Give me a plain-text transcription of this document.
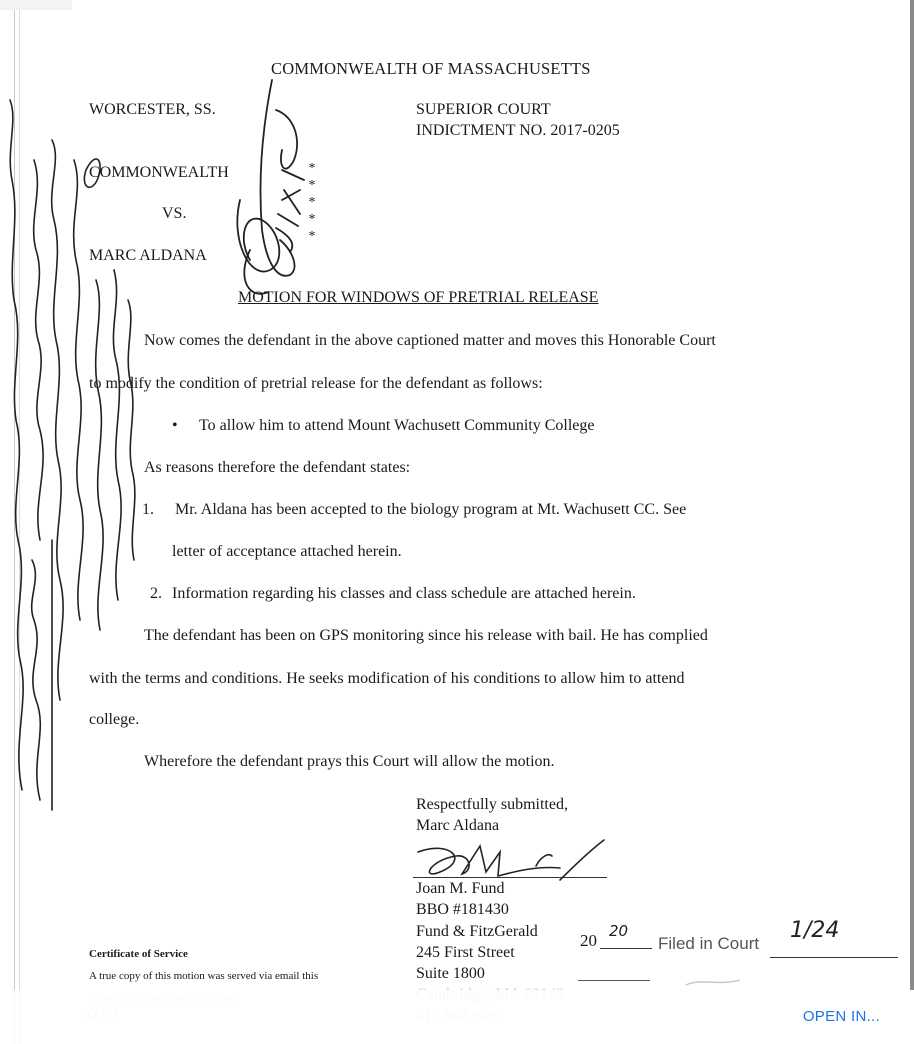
COMMONWEALTH OF MASSACHUSETTS
WORCESTER, SS.	SUPERIOR COURT
INDICTMENT NO. 2017-0205
COMMONWEALTH
VS.
MARC ALDANA
*
*
*
*
*
MOTION FOR WINDOWS OF PRETRIAL RELEASE
Now comes the defendant in the above captioned matter and moves this Honorable Court
to modify the condition of pretrial release for the defendant as follows:
• To allow him to attend Mount Wachusett Community College
As reasons therefore the defendant states:
1. Mr. Aldana has been accepted to the biology program at Mt. Wachusett CC. See
letter of acceptance attached herein.
2. Information regarding his classes and class schedule are attached herein.
The defendant has been on GPS monitoring since his release with bail. He has complied
with the terms and conditions. He seeks modification of his conditions to allow him to attend
college.
Wherefore the defendant prays this Court will allow the motion.
Respectfully submitted,
Marc Aldana
Joan M. Fund
BBO #181430
Fund & FitzGerald
245 First Street
Suite 1800
Certificate of Service
A true copy of this motion was served via email this
20 20
Filed in Court
1/24
OPEN IN...
